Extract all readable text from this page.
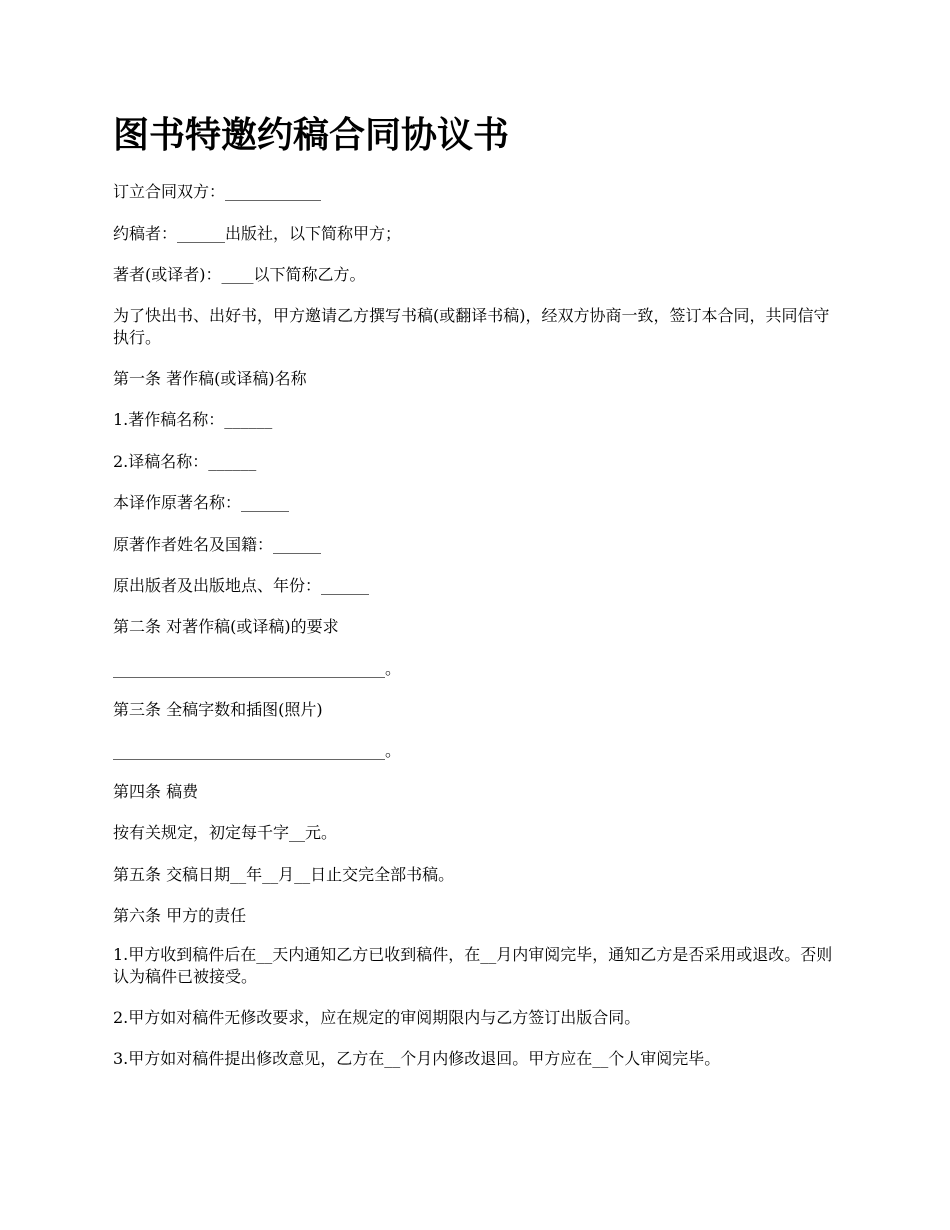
图书特邀约稿合同协议书

订立合同双方：____________

约稿者：______出版社，以下简称甲方；

著者(或译者)：____以下简称乙方。

为了快出书、出好书，甲方邀请乙方撰写书稿(或翻译书稿)，经双方协商一致，签订本合同，共同信守执行。

第一条 著作稿(或译稿)名称

1.著作稿名称：______

2.译稿名称：______

本译作原著名称：______

原著作者姓名及国籍：______

原出版者及出版地点、年份：______

第二条 对著作稿(或译稿)的要求

__________________________________。

第三条 全稿字数和插图(照片)

__________________________________。

第四条 稿费

按有关规定，初定每千字__元。

第五条 交稿日期__年__月__日止交完全部书稿。

第六条 甲方的责任

1.甲方收到稿件后在__天内通知乙方已收到稿件，在__月内审阅完毕，通知乙方是否采用或退改。否则认为稿件已被接受。

2.甲方如对稿件无修改要求，应在规定的审阅期限内与乙方签订出版合同。

3.甲方如对稿件提出修改意见，乙方在__个月内修改退回。甲方应在__个人审阅完毕。
